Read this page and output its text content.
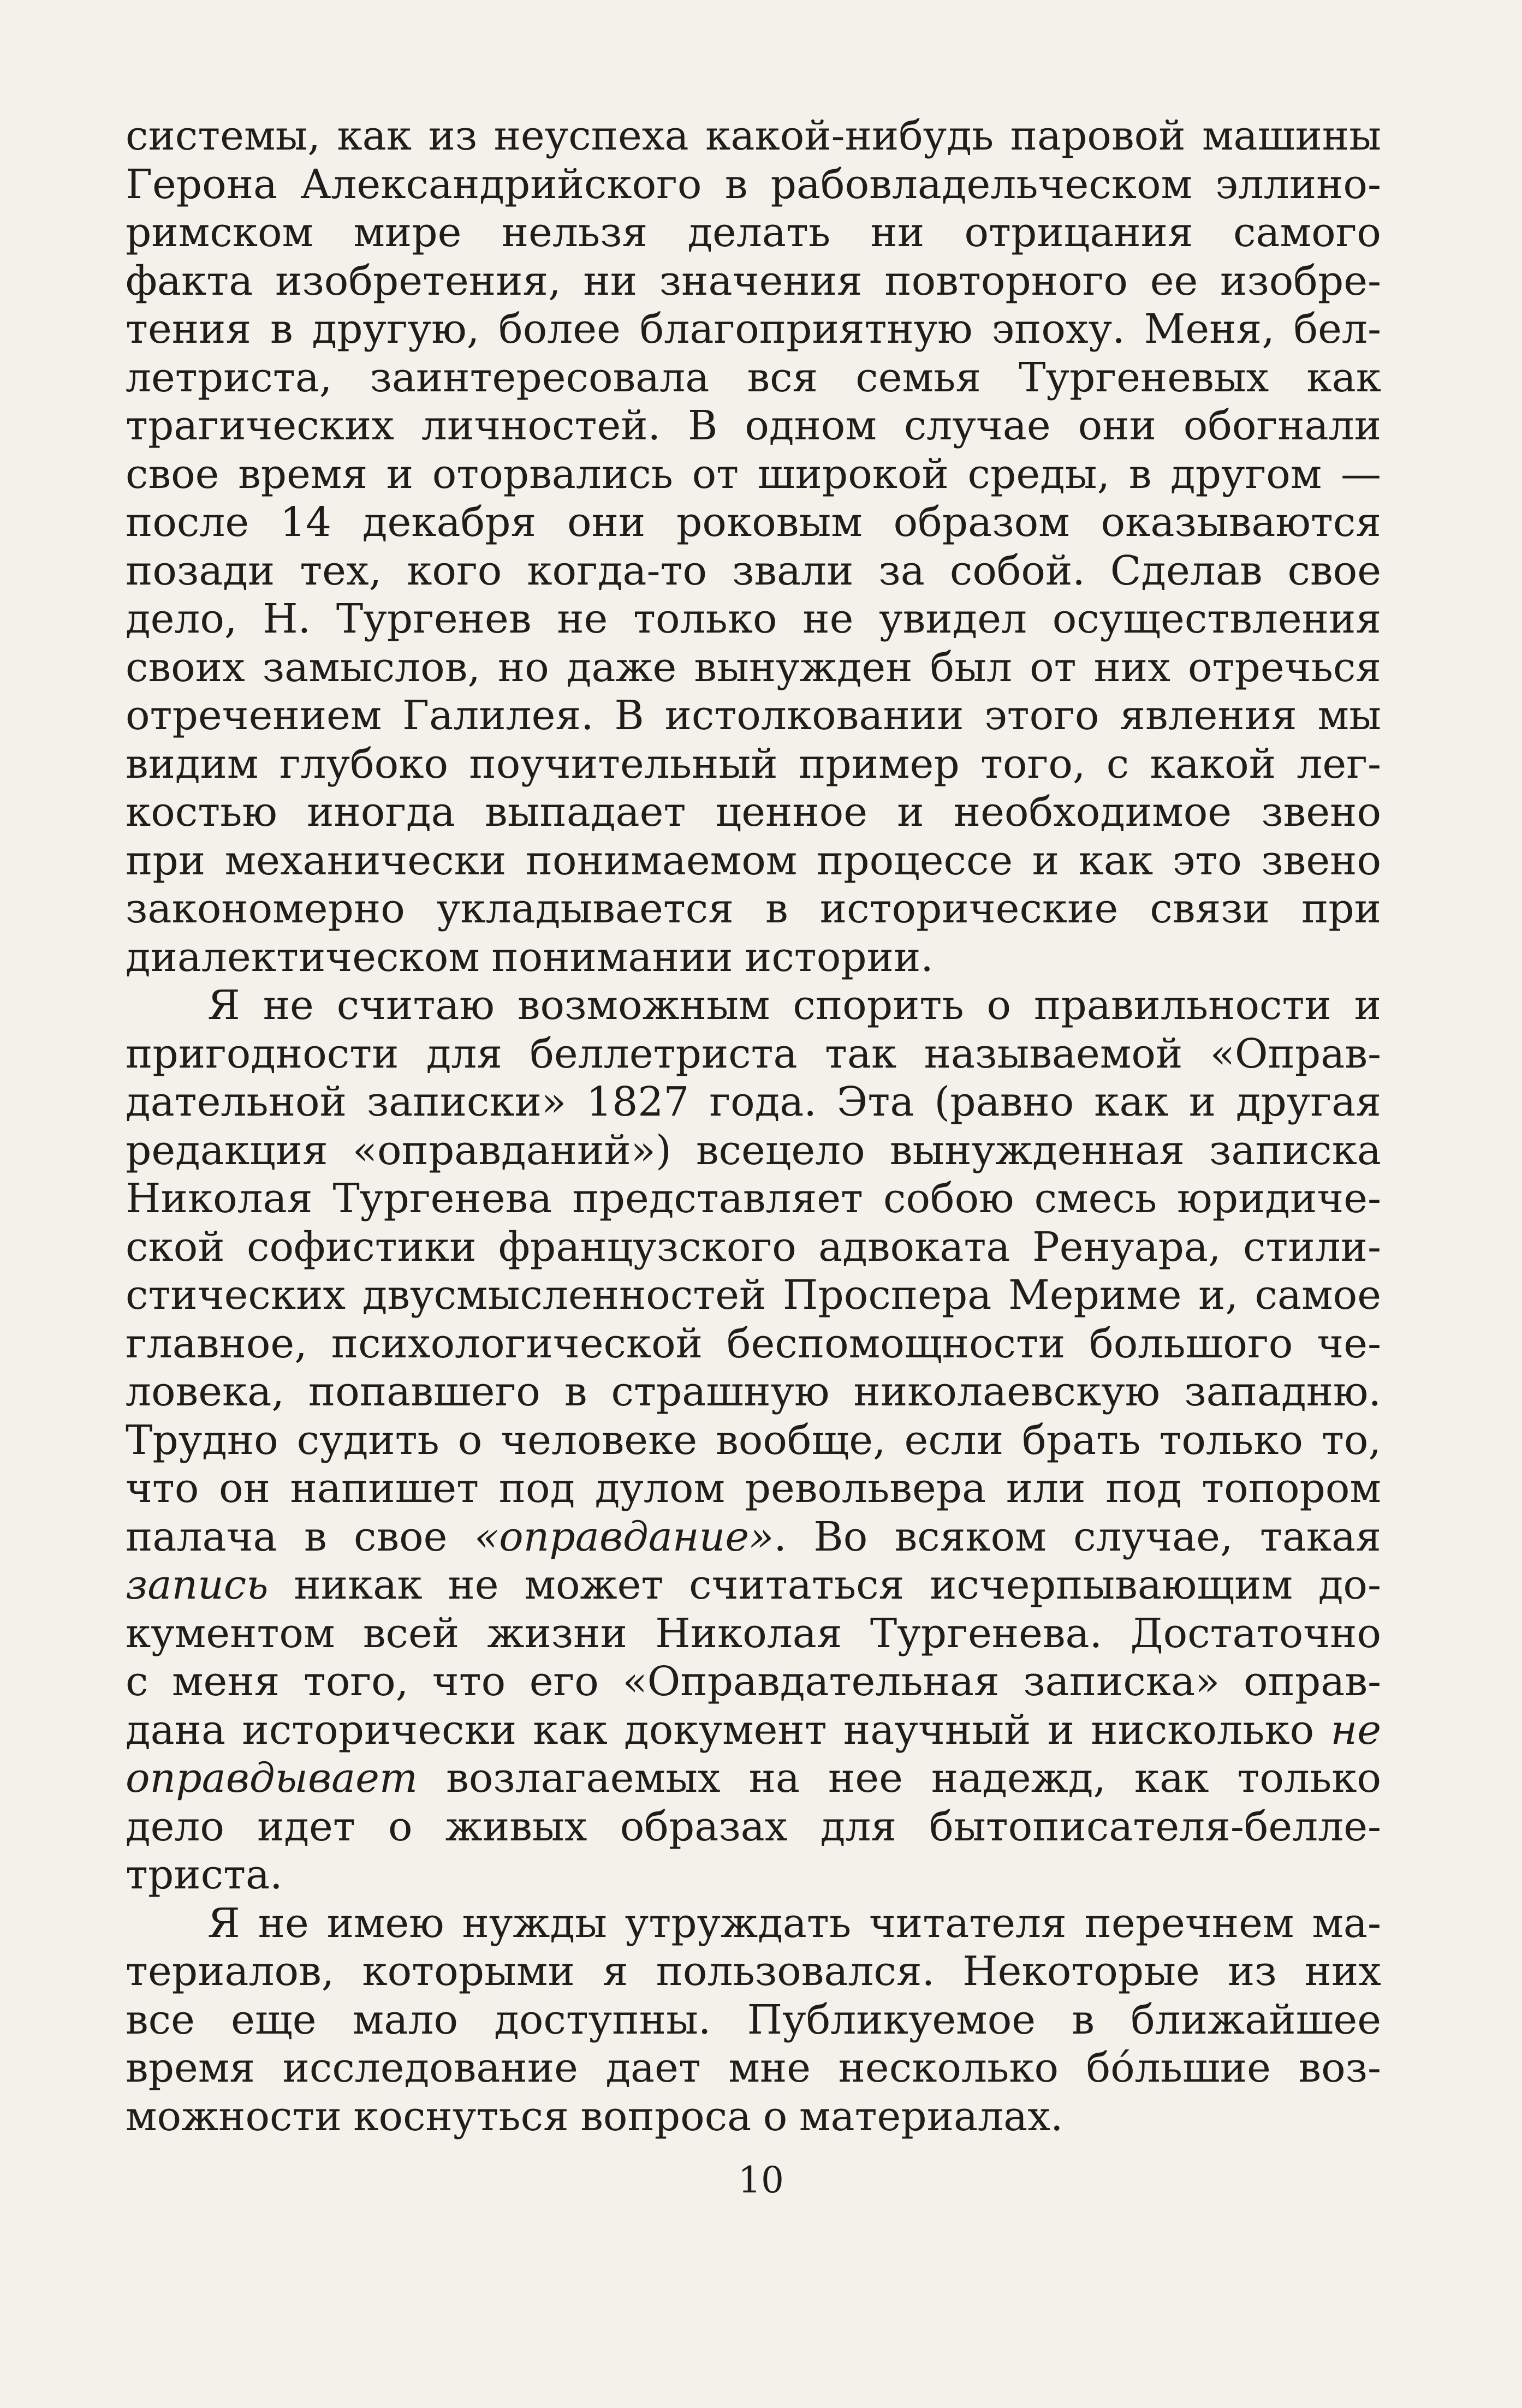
системы, как из неуспеха какой-нибудь паровой машины
Герона Александрийского в рабовладельческом эллино-
римском мире нельзя делать ни отрицания самого
факта изобретения, ни значения повторного ее изобре-
тения в другую, более благоприятную эпоху. Меня, бел-
летриста, заинтересовала вся семья Тургеневых как
трагических личностей. В одном случае они обогнали
свое время и оторвались от широкой среды, в другом —
после 14 декабря они роковым образом оказываются
позади тех, кого когда-то звали за собой. Сделав свое
дело, Н. Тургенев не только не увидел осуществления
своих замыслов, но даже вынужден был от них отречься
отречением Галилея. В истолковании этого явления мы
видим глубоко поучительный пример того, с какой лег-
костью иногда выпадает ценное и необходимое звено
при механически понимаемом процессе и как это звено
закономерно укладывается в исторические связи при
диалектическом понимании истории.

Я не считаю возможным спорить о правильности и
пригодности для беллетриста так называемой «Оправ-
дательной записки» 1827 года. Эта (равно как и другая
редакция «оправданий») всецело вынужденная записка
Николая Тургенева представляет собою смесь юридиче-
ской софистики французского адвоката Ренуара, стили-
стических двусмысленностей Проспера Мериме и, самое
главное, психологической беспомощности большого че-
ловека, попавшего в страшную николаевскую западню.
Трудно судить о человеке вообще, если брать только то,
что он напишет под дулом револьвера или под топором
палача в свое «оправдание». Во всяком случае, такая
запись никак не может считаться исчерпывающим до-
кументом всей жизни Николая Тургенева. Достаточно
с меня того, что его «Оправдательная записка» оправ-
дана исторически как документ научный и нисколько не
оправдывает возлагаемых на нее надежд, как только
дело идет о живых образах для бытописателя-белле-
триста.

Я не имею нужды утруждать читателя перечнем ма-
териалов, которыми я пользовался. Некоторые из них
все еще мало доступны. Публикуемое в ближайшее
время исследование дает мне несколько бо́льшие воз-
можности коснуться вопроса о материалах.

10
